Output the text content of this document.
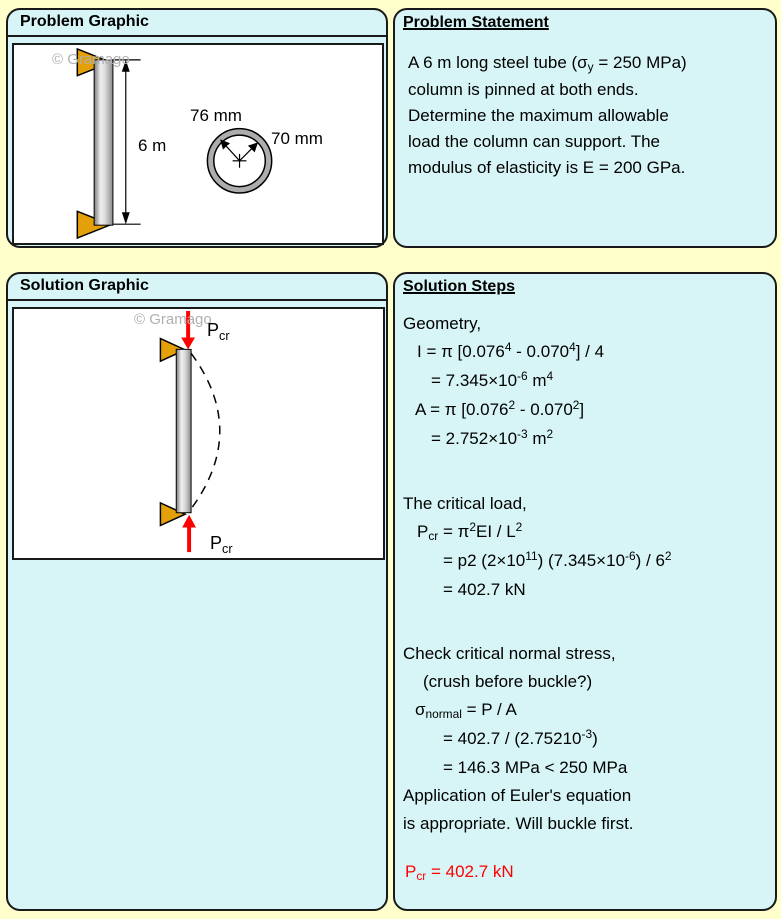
Problem Graphic
© Gramago
6 m
76 mm
70 mm
Problem Statement
A 6 m long steel tube ($\sigma_y = 250$ MPa)
column is pinned at both ends.
Determine the maximum allowable
load the column can support. The
modulus of elasticity is E = 200 GPa.
Solution Graphic
© Gramago
$P_{cr}$
$P_{cr}$
Solution Steps
Geometry,
I = π [0.076$^4$ - 0.070$^4$] / 4
= $7.345\times 10^{-6}$ $m^4$
A = π $[0.076^2 - 0.070^2]$
= $2.752\times 10^{-3}$ $m^2$
The critical load,
$P_{cr} = \pi^2EI / L^2$
= p2 $(2\times 10^{11})$ $(7.345\times 10^{-6}) / 6^2$
= 402.7 kN
Check critical normal stress,
(crush before buckle?)
$\sigma_{normal} = P / A$
= $402.7 / (2.75210^{-3})$
= 146.3 MPa < 250 MPa
Application of Euler's equation
is appropriate. Will buckle first.
$P_{cr} = 402.7$ kN
